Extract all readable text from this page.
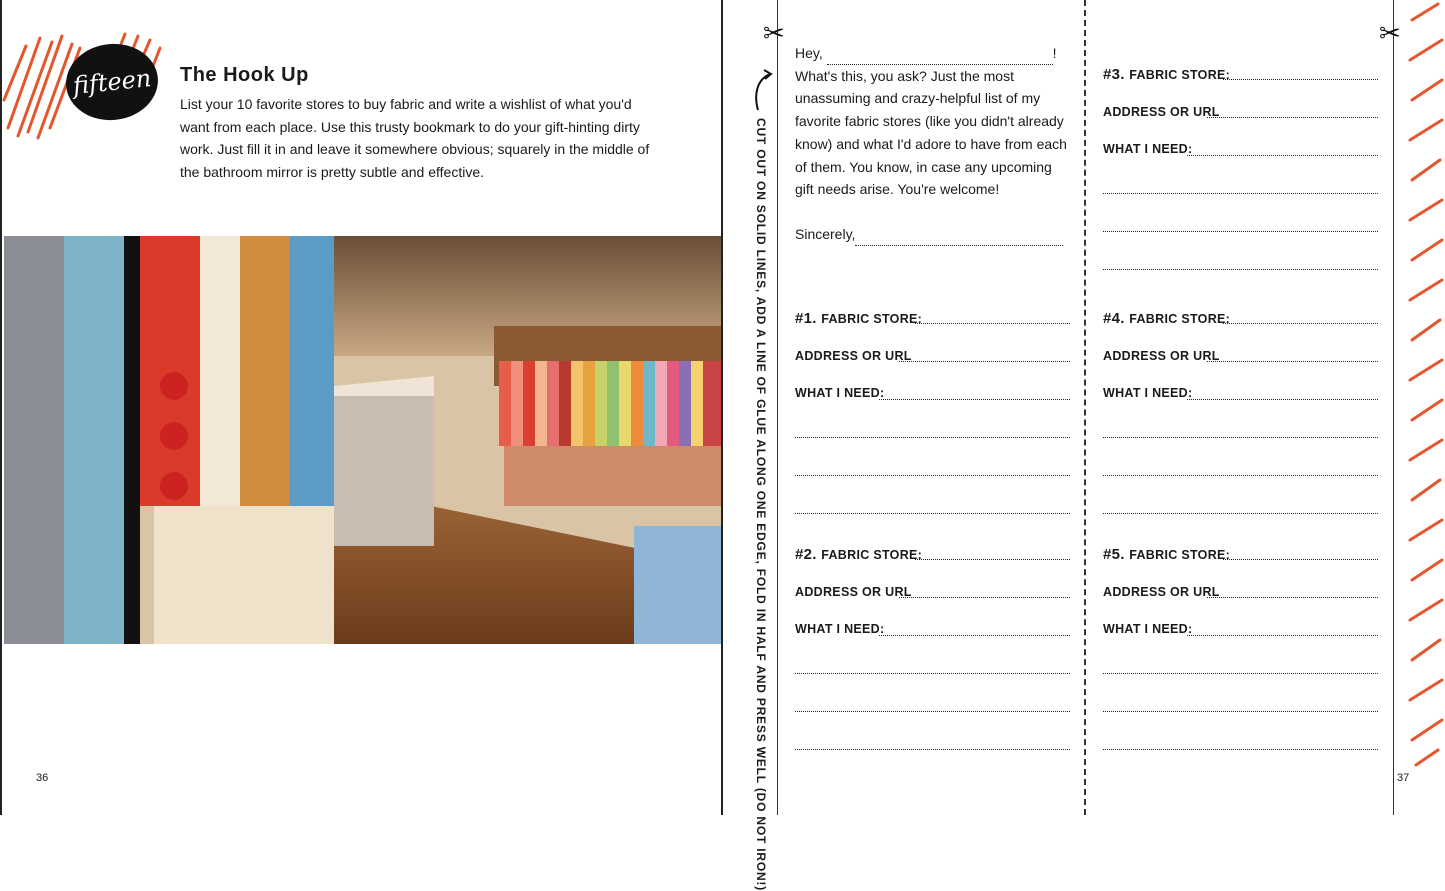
fifteen	The Hook Up
List your 10 favorite stores to buy fabric and write a wishlist of what you'd want from each place. Use this trusty bookmark to do your gift-hinting dirty work. Just fill it in and leave it somewhere obvious; squarely in the middle of the bathroom mirror is pretty subtle and effective.
36
✂	✂
CUT OUT ON SOLID LINES, ADD A LINE OF GLUE ALONG ONE EDGE, FOLD IN HALF AND PRESS WELL (DO NOT IRON!)
Hey,	!
What's this, you ask? Just the most unassuming and crazy-helpful list of my favorite fabric stores (like you didn't already know) and what I'd adore to have from each of them. You know, in case any upcoming gift needs arise. You're welcome!
Sincerely,
#1. FABRIC STORE:
ADDRESS OR URL
WHAT I NEED:
#2. FABRIC STORE:
ADDRESS OR URL
WHAT I NEED:
#3. FABRIC STORE:
ADDRESS OR URL
WHAT I NEED:
#4. FABRIC STORE:
ADDRESS OR URL
WHAT I NEED:
#5. FABRIC STORE:
ADDRESS OR URL
WHAT I NEED:
37
